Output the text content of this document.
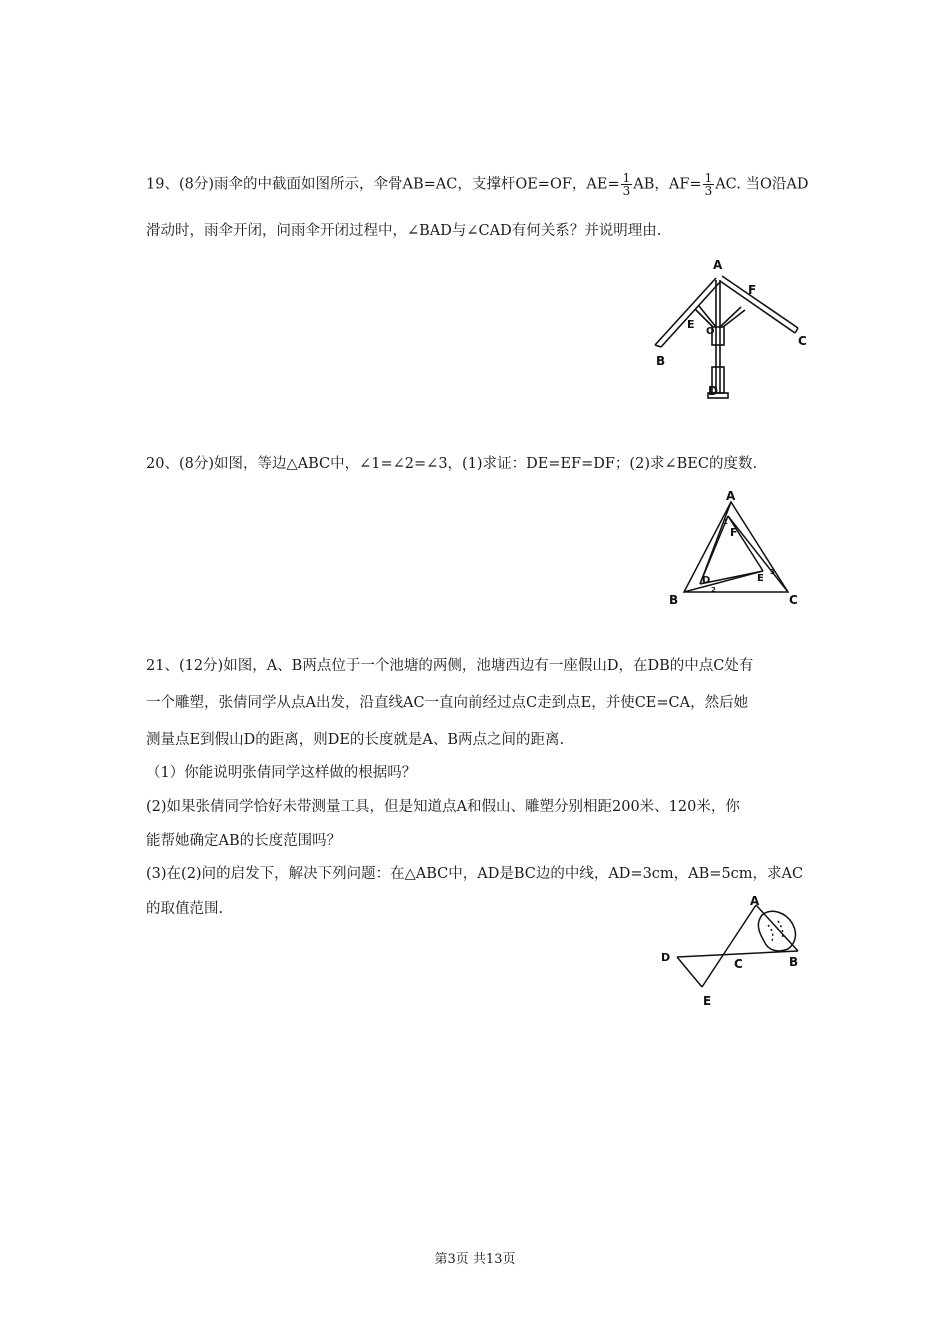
19、(8分)雨伞的中截面如图所示，伞骨AB=AC，支撑杆OE=OF，$AE= \frac{1}{3}$ AB，$AF= \frac{1}{3}$ AC. 当O沿AD
滑动时，雨伞开闭，问雨伞开闭过程中，∠BAD与∠CAD有何关系？并说明理由.
A
E
F
O
B
C
D
20、(8分)如图，等边△ABC中，∠1=∠2=∠3，(1)求证：DE=EF=DF；(2)求∠BEC的度数.
A
F
D	E
B	C
1
2
3
21、(12分)如图，A、B两点位于一个池塘的两侧，池塘西边有一座假山D，在DB的中点C处有
一个雕塑，张倩同学从点A出发，沿直线AC一直向前经过点C走到点E，并使CE=CA，然后她
测量点E到假山D的距离，则DE的长度就是A、B两点之间的距离.
（1）你能说明张倩同学这样做的根据吗？
(2)如果张倩同学恰好未带测量工具，但是知道点A和假山、雕塑分别相距200米、120米，你
能帮她确定AB的长度范围吗？
(3)在(2)问的启发下，解决下列问题：在△ABC中，AD是BC边的中线，AD=3cm，AB=5cm，求AC
的取值范围.	A
B
C
D
E
第3页 共13页
